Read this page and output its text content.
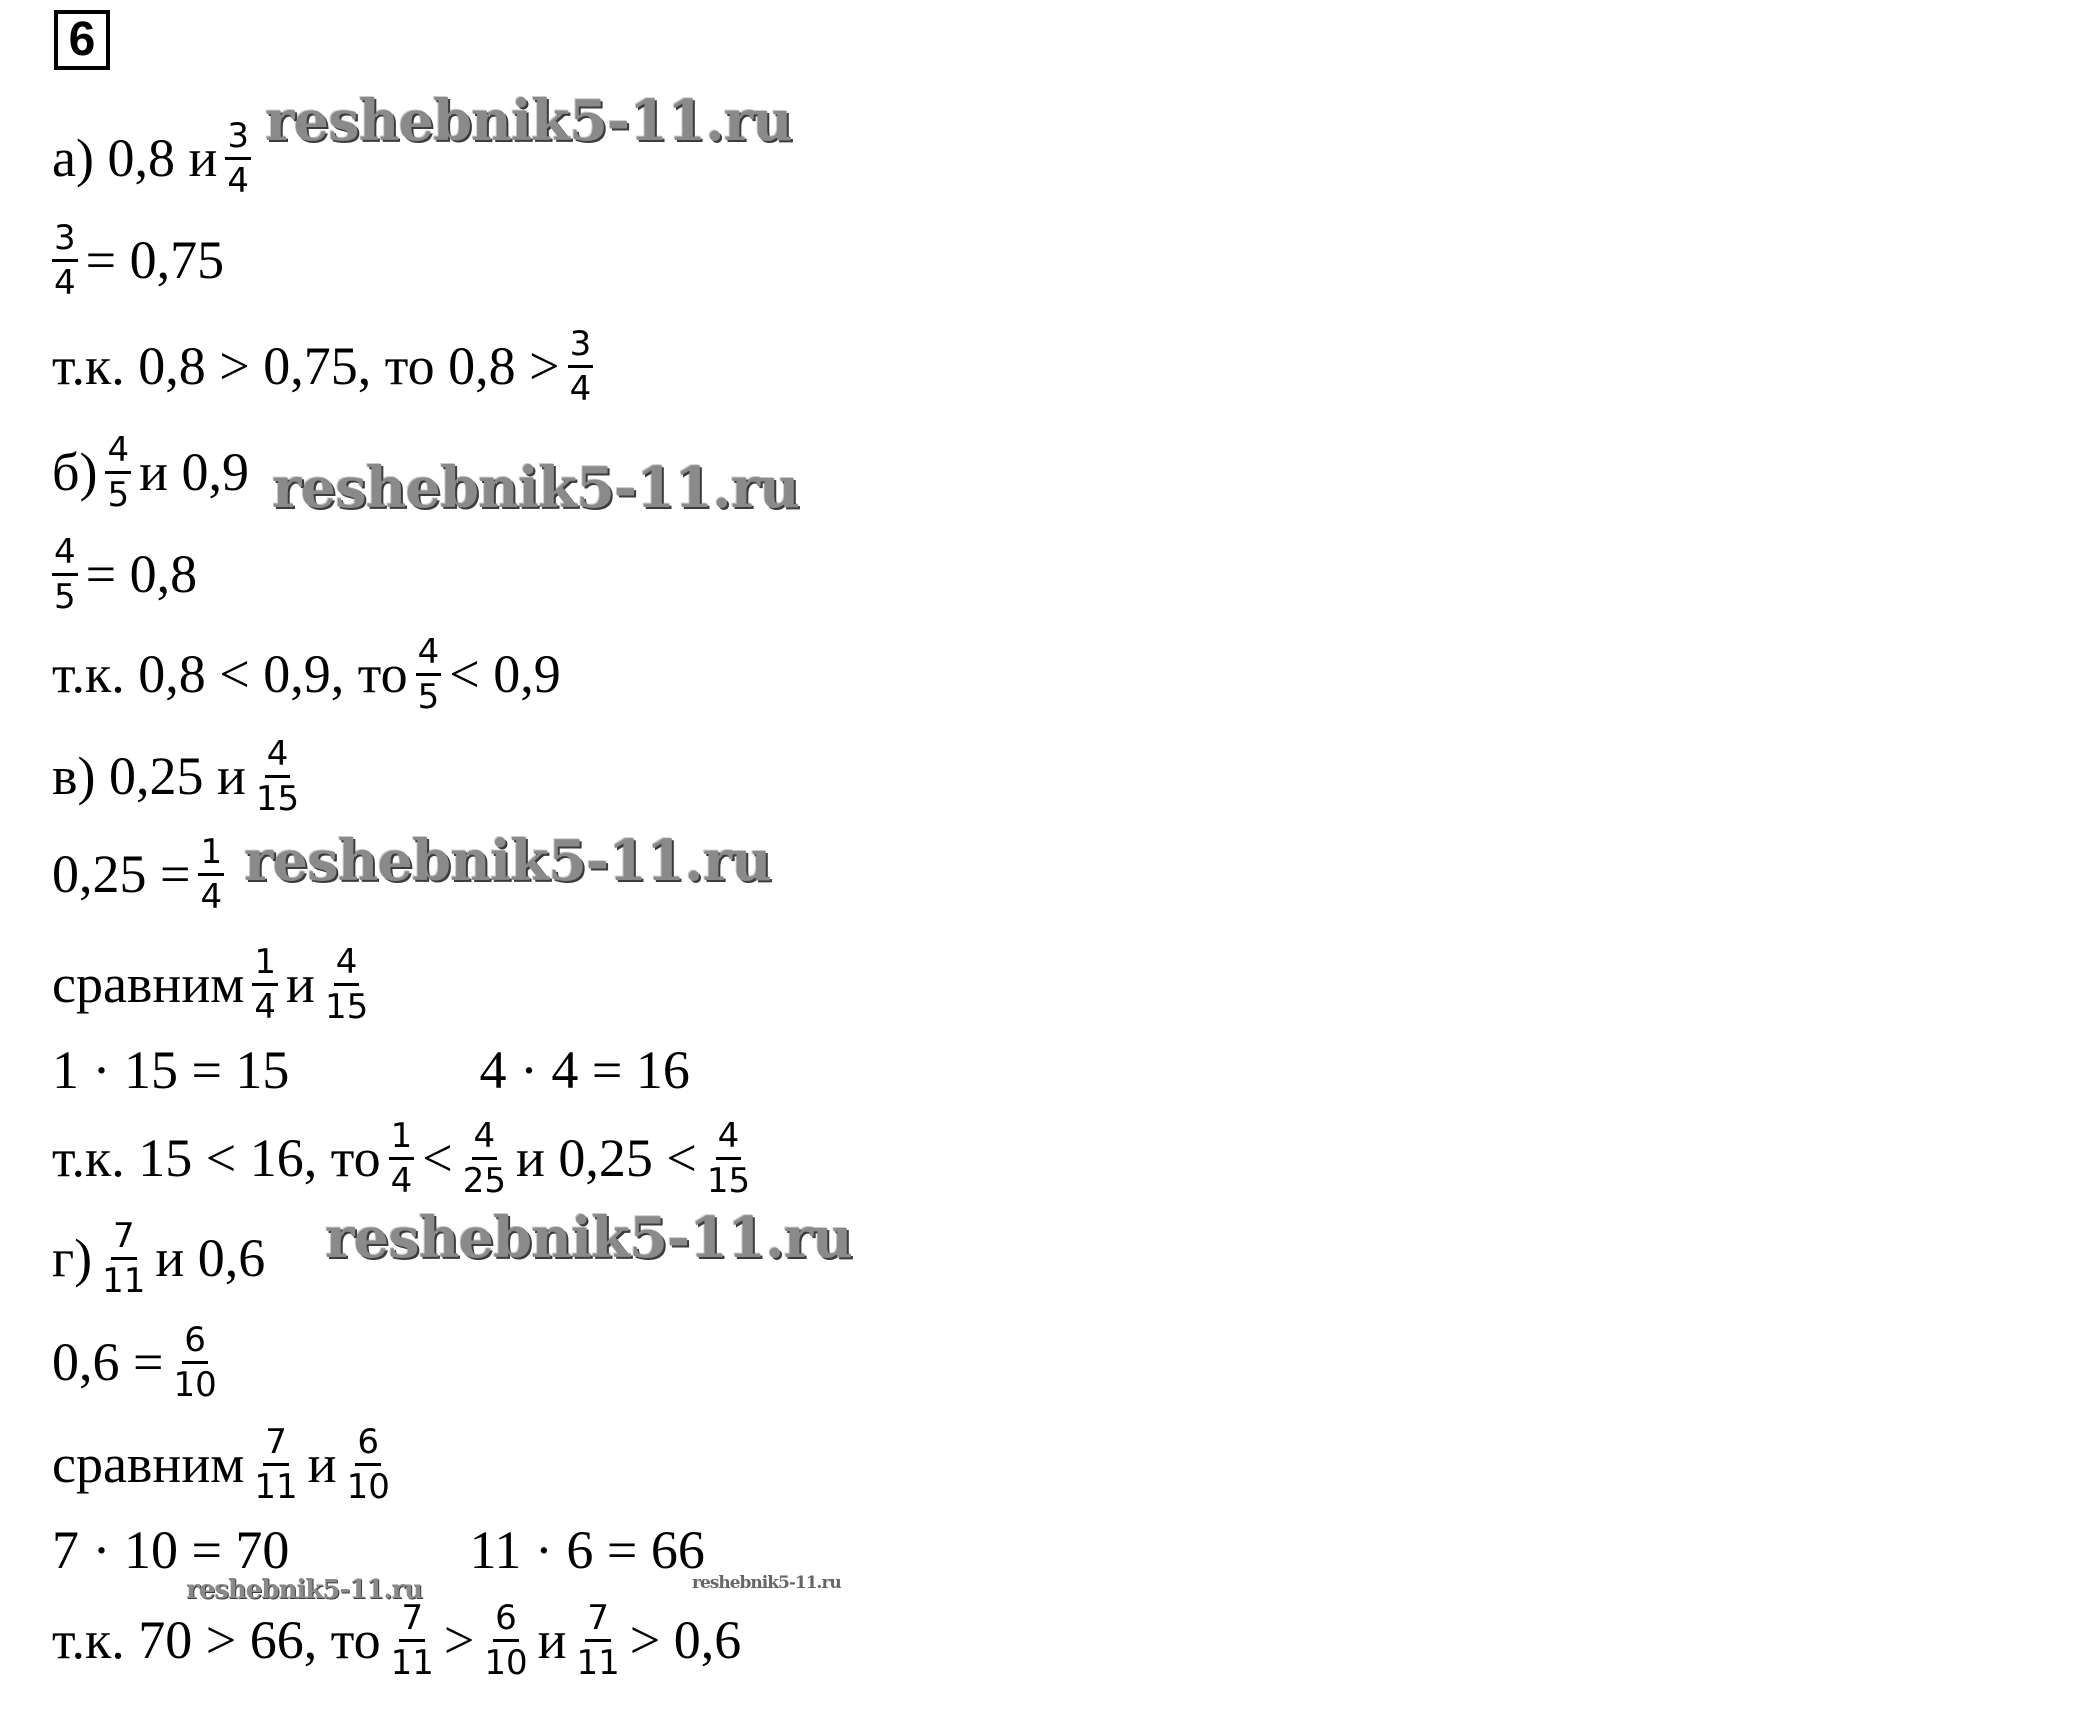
6
а) 0,8 и $\frac{3}{4}$ reshebnik5-11.ru
$\frac{3}{4} = 0,75$
т.к. 0,8 > 0,75, то $0,8 > \frac{3}{4}$
$б) \frac{4}{5}$ и 0,9 reshebnik5-11.ru
$\frac{4}{5} = 0,8$
т.к. 0,8 < 0,9, то $\frac{4}{5} < 0,9$
в) 0,25 и $\frac{4}{15}$
$0,25 = \frac{1}{4}$ reshebnik5-11.ru
сравним $\frac{1}{4}$ и $\frac{4}{15}$
1 · 15 = 15	4 · 4 = 16
т.к. 15 < 16, то $\frac{1}{4} < \frac{4}{25}$ и $0,25 < \frac{4}{15}$
$г) \frac{7}{11}$ и 0,6 reshebnik5-11.ru
$0,6 = \frac{6}{10}$
сравним $\frac{7}{11}$ и $\frac{6}{10}$
7 · 10 = 70	11 · 6 = 66
reshebnik5-11.ru	reshebnik5-11.ru
т.к. 70 > 66, то $\frac{7}{11} > \frac{6}{10}$ и $\frac{7}{11} > 0,6$
